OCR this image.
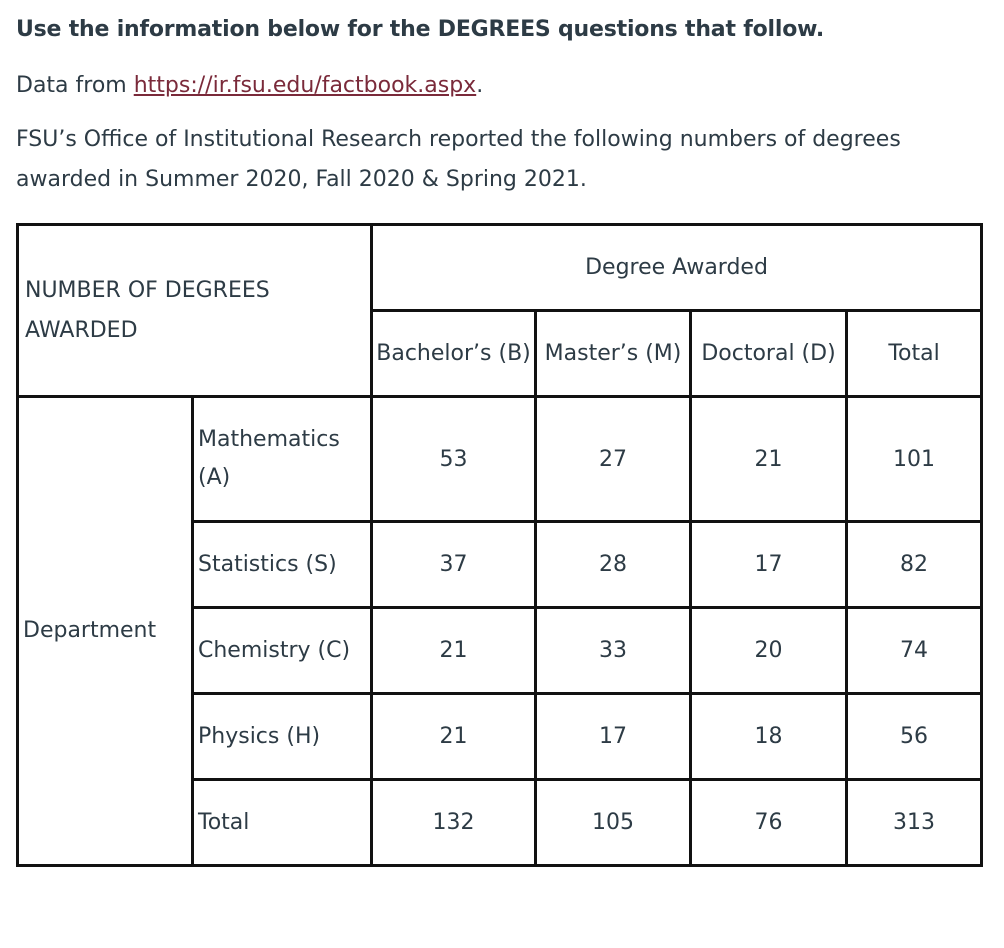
Use the information below for the DEGREES questions that follow.

Data from https://ir.fsu.edu/factbook.aspx.

FSU’s Office of Institutional Research reported the following numbers of degrees awarded in Summer 2020, Fall 2020 & Spring 2021.

NUMBER OF DEGREES AWARDED		Degree Awarded			
		Bachelor’s (B)	Master’s (M)	Doctoral (D)	Total
Department	Mathematics (A)	53	27	21	101
	Statistics (S)	37	28	17	82
	Chemistry (C)	21	33	20	74
	Physics (H)	21	17	18	56
	Total	132	105	76	313
